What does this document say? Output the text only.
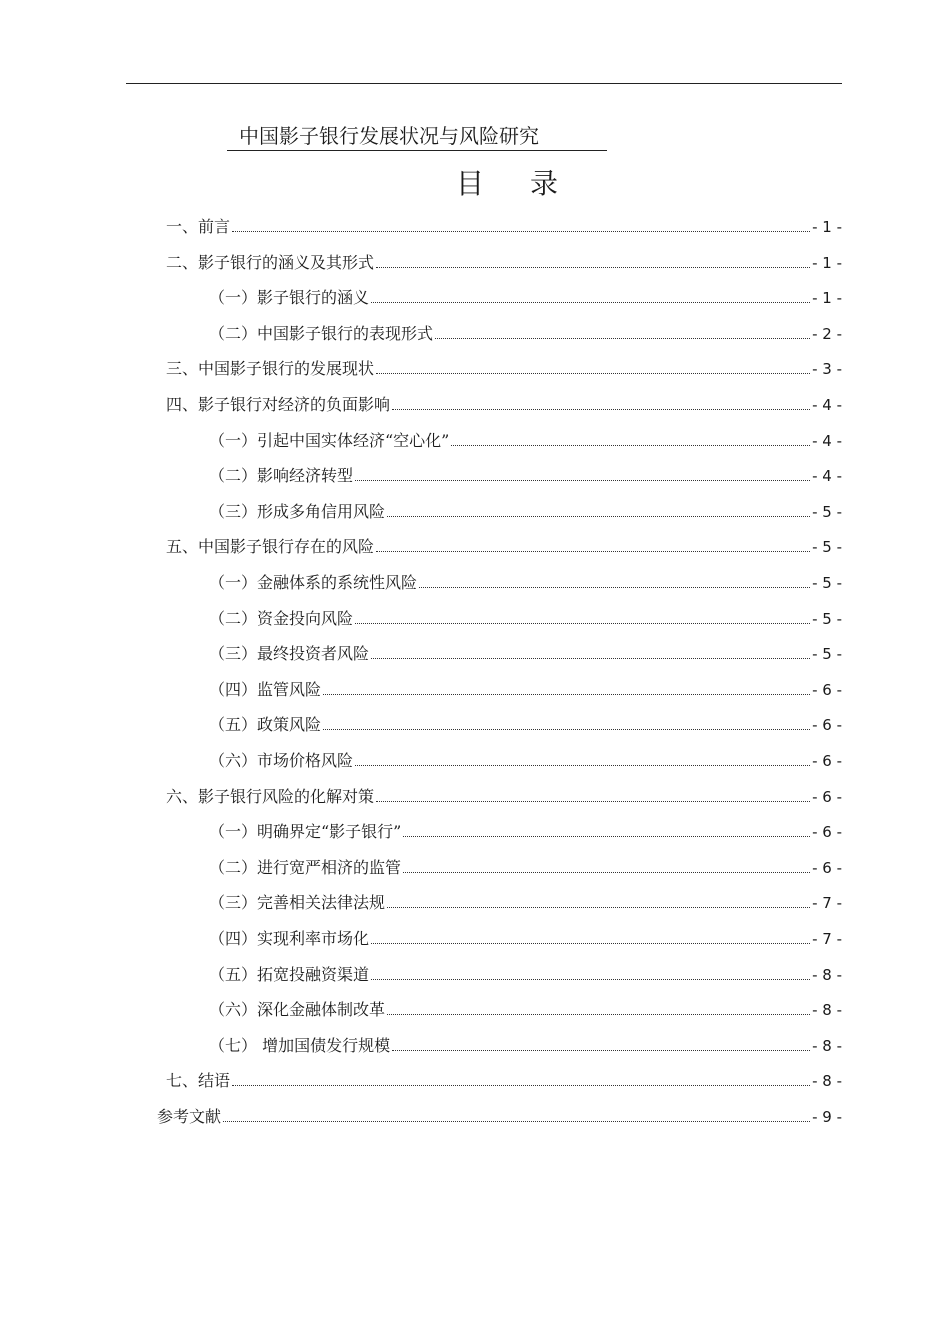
中国影子银行发展状况与风险研究
目 录
一、前言	- 1 -
二、影子银行的涵义及其形式	- 1 -
（一）影子银行的涵义	- 1 -
（二）中国影子银行的表现形式	- 2 -
三、中国影子银行的发展现状	- 3 -
四、影子银行对经济的负面影响	- 4 -
（一）引起中国实体经济“空心化”	- 4 -
（二）影响经济转型	- 4 -
（三）形成多角信用风险	- 5 -
五、中国影子银行存在的风险	- 5 -
（一）金融体系的系统性风险	- 5 -
（二）资金投向风险	- 5 -
（三）最终投资者风险	- 5 -
（四）监管风险	- 6 -
（五）政策风险	- 6 -
（六）市场价格风险	- 6 -
六、影子银行风险的化解对策	- 6 -
（一）明确界定“影子银行”	- 6 -
（二）进行宽严相济的监管	- 6 -
（三）完善相关法律法规	- 7 -
（四）实现利率市场化	- 7 -
（五）拓宽投融资渠道	- 8 -
（六）深化金融体制改革	- 8 -
（七） 增加国债发行规模	- 8 -
七、结语	- 8 -
参考文献	- 9 -
